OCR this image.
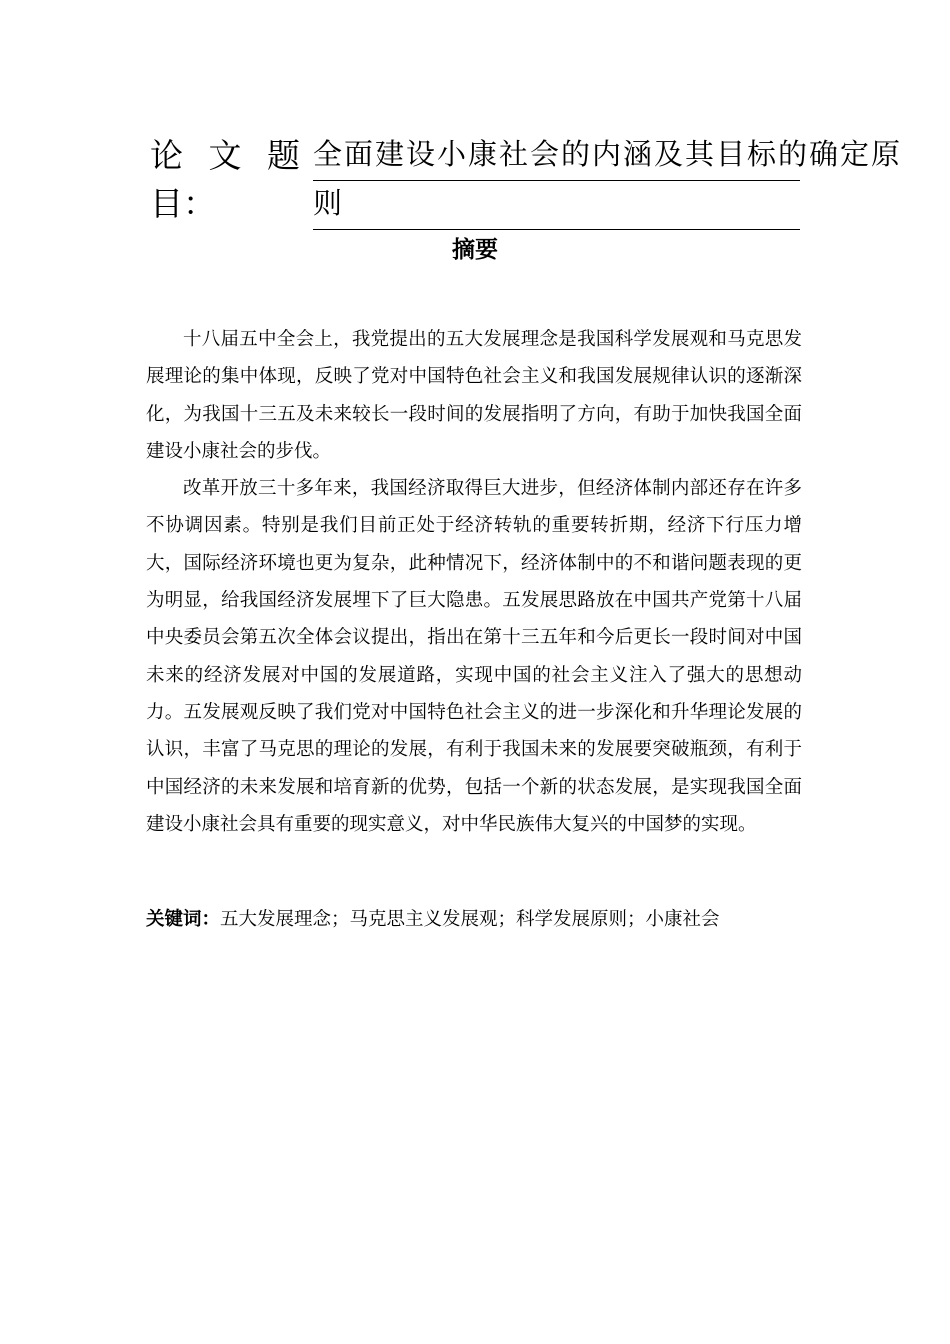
论 文 题
目：
全面建设小康社会的内涵及其目标的确定原
则
摘要

十八届五中全会上，我党提出的五大发展理念是我国科学发展观和马克思发展理论的集中体现，反映了党对中国特色社会主义和我国发展规律认识的逐渐深化，为我国十三五及未来较长一段时间的发展指明了方向，有助于加快我国全面建设小康社会的步伐。

改革开放三十多年来，我国经济取得巨大进步，但经济体制内部还存在许多不协调因素。特别是我们目前正处于经济转轨的重要转折期，经济下行压力增大，国际经济环境也更为复杂，此种情况下，经济体制中的不和谐问题表现的更为明显，给我国经济发展埋下了巨大隐患。五发展思路放在中国共产党第十八届中央委员会第五次全体会议提出，指出在第十三五年和今后更长一段时间对中国未来的经济发展对中国的发展道路，实现中国的社会主义注入了强大的思想动力。五发展观反映了我们党对中国特色社会主义的进一步深化和升华理论发展的认识，丰富了马克思的理论的发展，有利于我国未来的发展要突破瓶颈，有利于中国经济的未来发展和培育新的优势，包括一个新的状态发展，是实现我国全面建设小康社会具有重要的现实意义，对中华民族伟大复兴的中国梦的实现。

关键词：五大发展理念；马克思主义发展观；科学发展原则；小康社会
